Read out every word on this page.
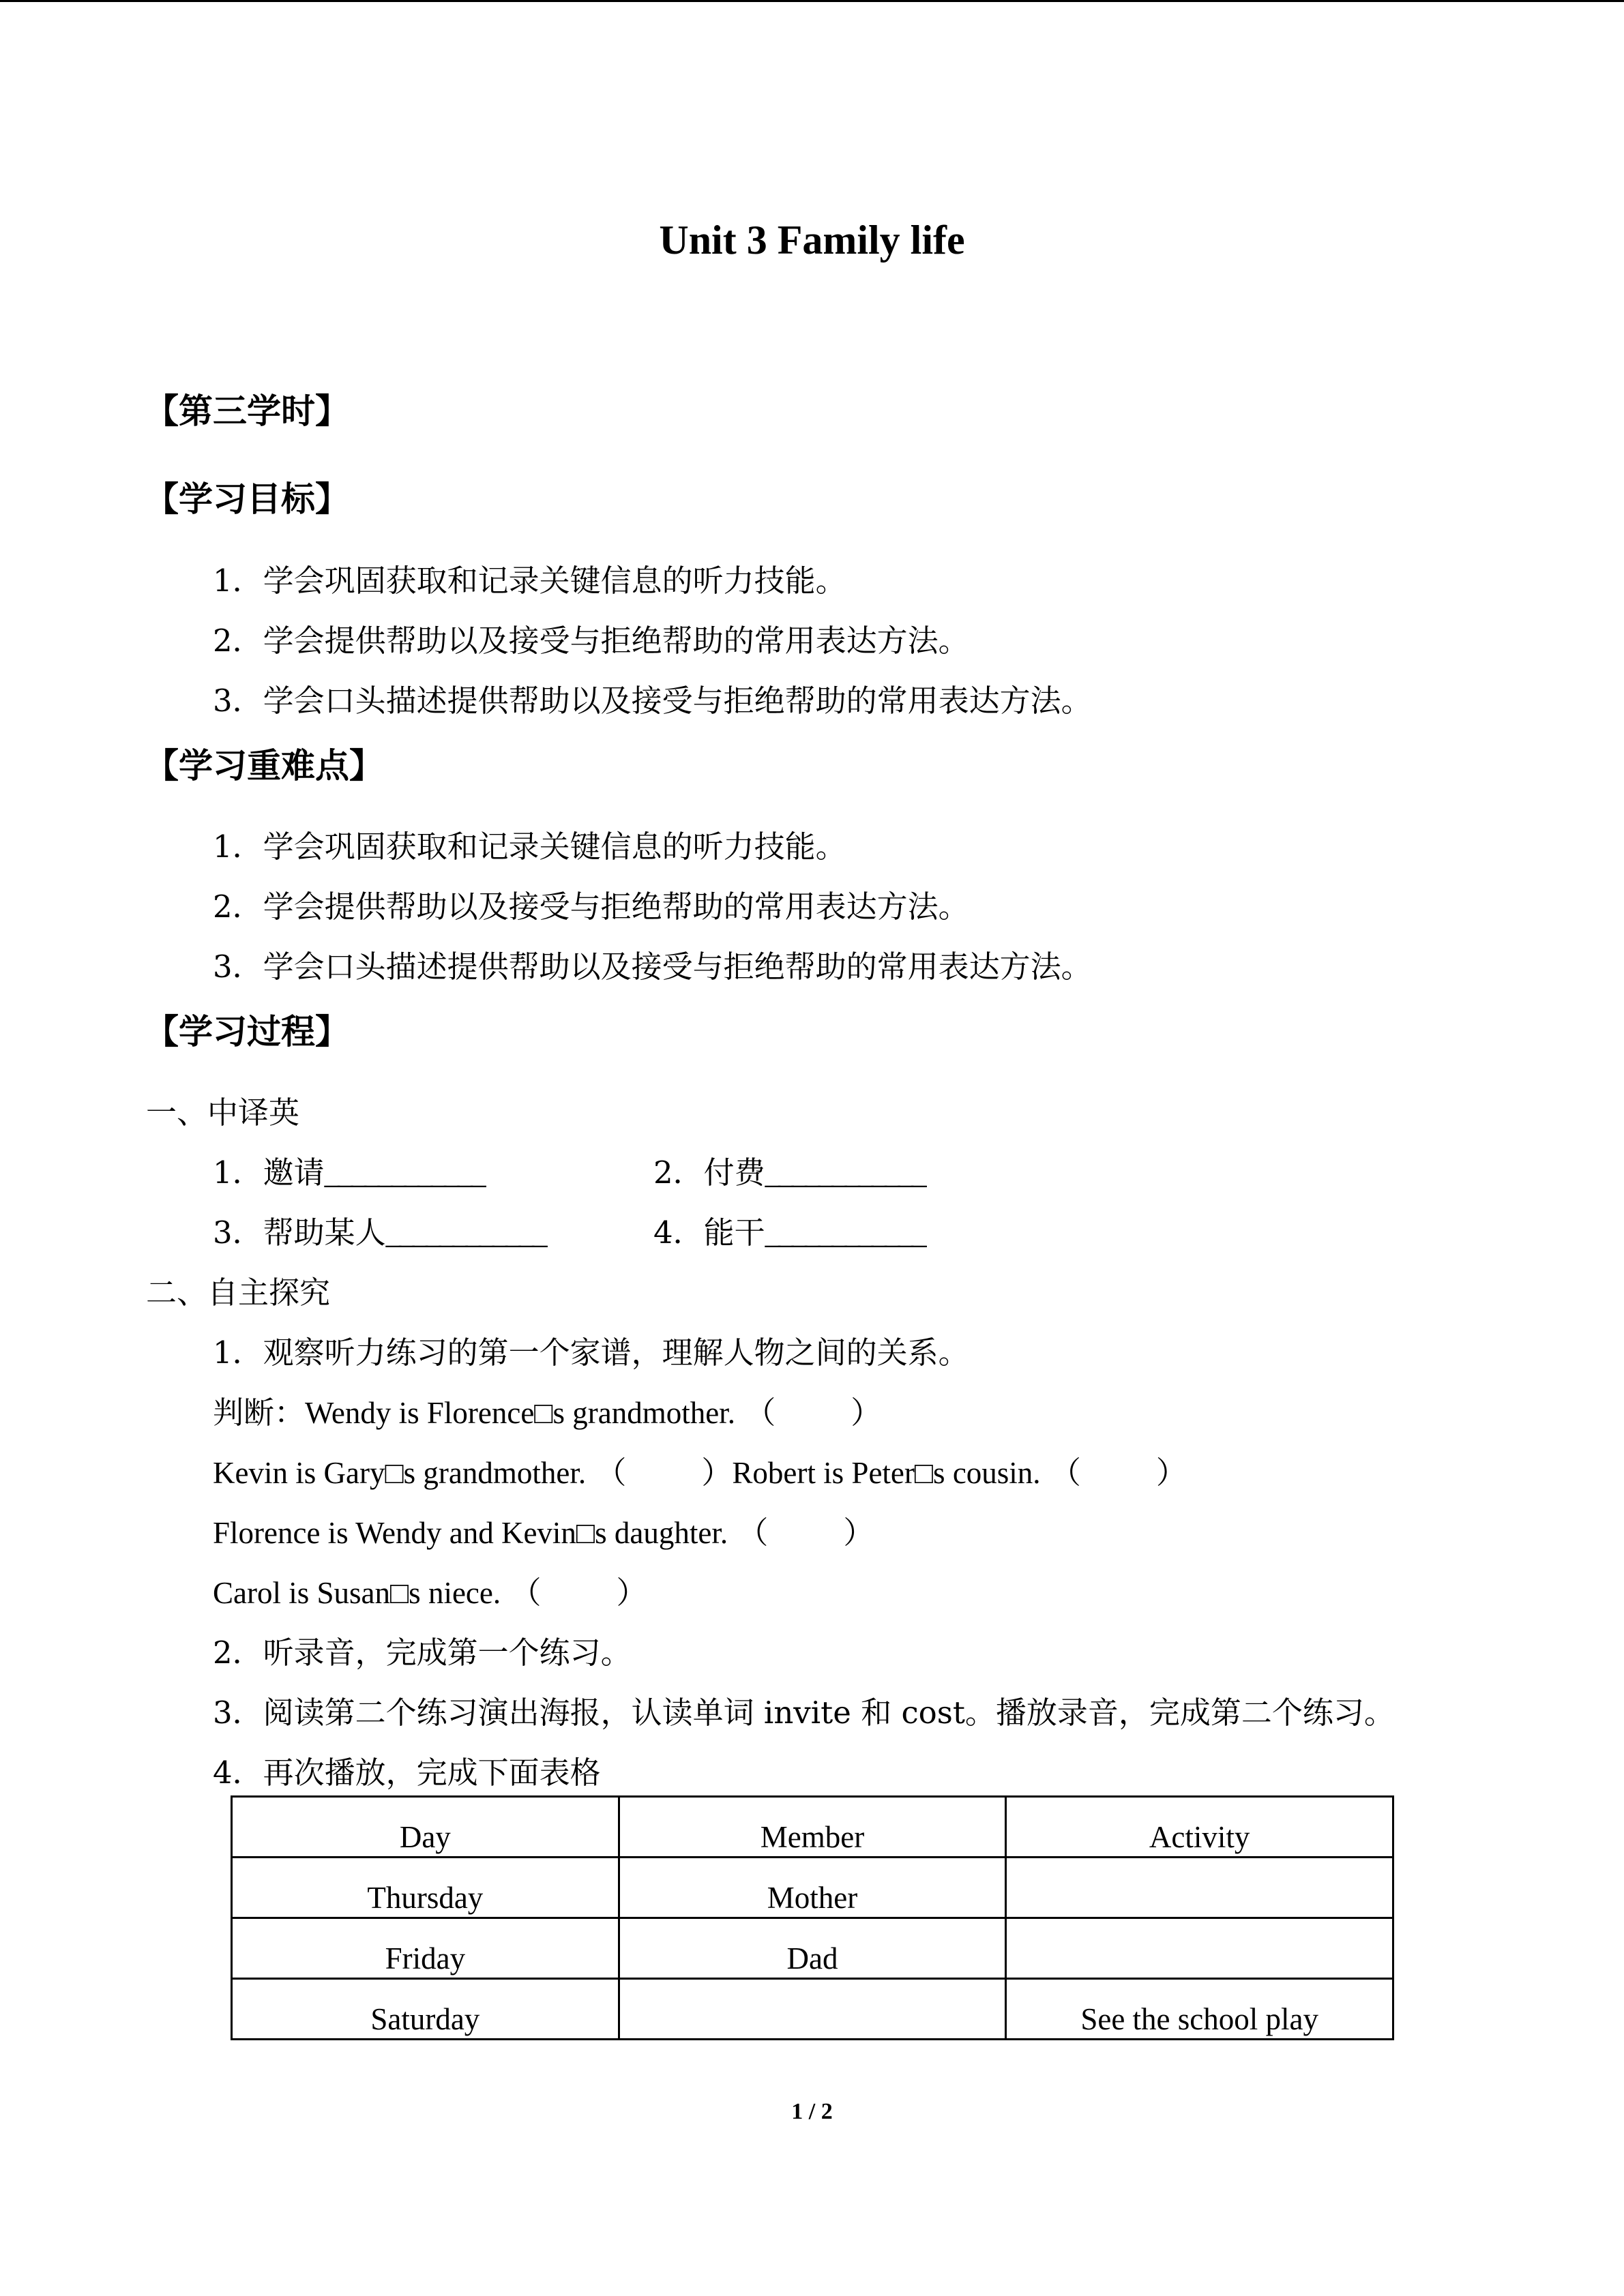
Unit 3 Family life
【第三学时】
【学习目标】
1．学会巩固获取和记录关键信息的听力技能。
2．学会提供帮助以及接受与拒绝帮助的常用表达方法。
3．学会口头描述提供帮助以及接受与拒绝帮助的常用表达方法。
【学习重难点】
1．学会巩固获取和记录关键信息的听力技能。
2．学会提供帮助以及接受与拒绝帮助的常用表达方法。
3．学会口头描述提供帮助以及接受与拒绝帮助的常用表达方法。
【学习过程】
一、中译英
1．邀请____________	2．付费____________
3．帮助某人____________	4．能干____________
二、自主探究
1．观察听力练习的第一个家谱，理解人物之间的关系。
判断：Wendy is Florence□s grandmother. （ ）
Kevin is Gary□s grandmother. （ ）Robert is Peter□s cousin. （ ）
Florence is Wendy and Kevin□s daughter. （ ）
Carol is Susan□s niece. （ ）
2．听录音，完成第一个练习。
3．阅读第二个练习演出海报，认读单词 invite 和 cost。播放录音，完成第二个练习。
4．再次播放，完成下面表格
Day	Member	Activity
Thursday	Mother	
Friday	Dad	
Saturday		See the school play
1 / 2
